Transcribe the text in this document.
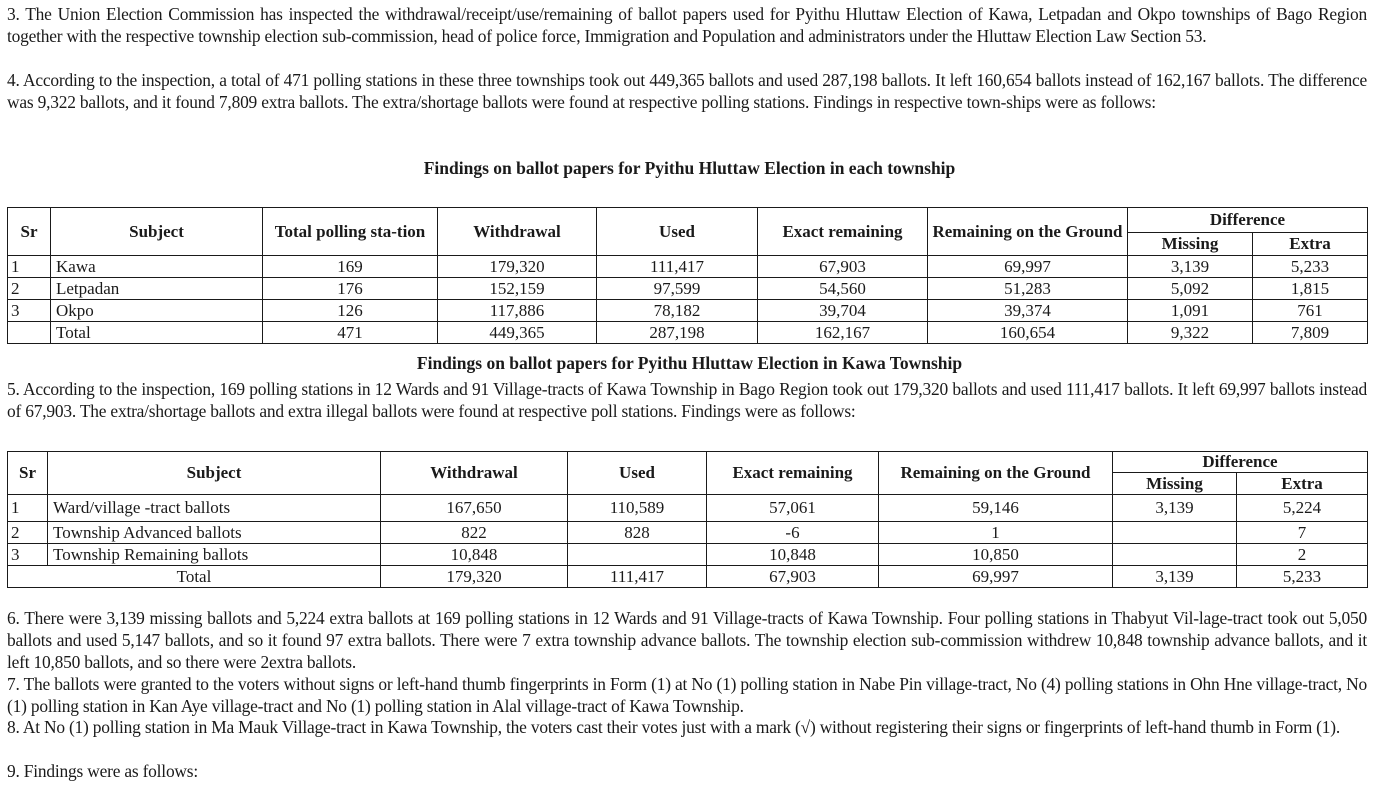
3. The Union Election Commission has inspected the withdrawal/receipt/use/remaining of ballot papers used for Pyithu Hluttaw Election of Kawa, Letpadan and Okpo townships of Bago Region together with the respective township election sub-commission, head of police force, Immigration and Population and administrators under the Hluttaw Election Law Section 53.

4. According to the inspection, a total of 471 polling stations in these three townships took out 449,365 ballots and used 287,198 ballots. It left 160,654 ballots instead of 162,167 ballots. The difference was 9,322 ballots, and it found 7,809 extra ballots. The extra/shortage ballots were found at respective polling stations. Findings in respective town-ships were as follows:

Findings on ballot papers for Pyithu Hluttaw Election in each township
Sr	Subject	Total polling sta-tion	Withdrawal	Used	Exact remaining	Remaining on the Ground	Difference	
							Missing	Extra
1	Kawa	169	179,320	111,417	67,903	69,997	3,139	5,233
2	Letpadan	176	152,159	97,599	54,560	51,283	5,092	1,815
3	Okpo	126	117,886	78,182	39,704	39,374	1,091	761
	Total	471	449,365	287,198	162,167	160,654	9,322	7,809
Findings on ballot papers for Pyithu Hluttaw Election in Kawa Township

5. According to the inspection, 169 polling stations in 12 Wards and 91 Village-tracts of Kawa Township in Bago Region took out 179,320 ballots and used 111,417 ballots. It left 69,997 ballots instead of 67,903. The extra/shortage ballots and extra illegal ballots were found at respective poll stations. Findings were as follows:

Sr	Subject	Withdrawal	Used	Exact remaining	Remaining on the Ground	Difference	
						Missing	Extra
1	Ward/village -tract ballots	167,650	110,589	57,061	59,146	3,139	5,224
2	Township Advanced ballots	822	828	-6	1		7
3	Township Remaining ballots	10,848		10,848	10,850		2
Total		179,320	111,417	67,903	69,997	3,139	5,233

6. There were 3,139 missing ballots and 5,224 extra ballots at 169 polling stations in 12 Wards and 91 Village-tracts of Kawa Township. Four polling stations in Thabyut Vil-lage-tract took out 5,050 ballots and used 5,147 ballots, and so it found 97 extra ballots. There were 7 extra township advance ballots. The township election sub-commission withdrew 10,848 township advance ballots, and it left 10,850 ballots, and so there were 2extra ballots.

7. The ballots were granted to the voters without signs or left-hand thumb fingerprints in Form (1) at No (1) polling station in Nabe Pin village-tract, No (4) polling stations in Ohn Hne village-tract, No (1) polling station in Kan Aye village-tract and No (1) polling station in Alal village-tract of Kawa Township.

8. At No (1) polling station in Ma Mauk Village-tract in Kawa Township, the voters cast their votes just with a mark (√) without registering their signs or fingerprints of left-hand thumb in Form (1).

9. Findings were as follows:
